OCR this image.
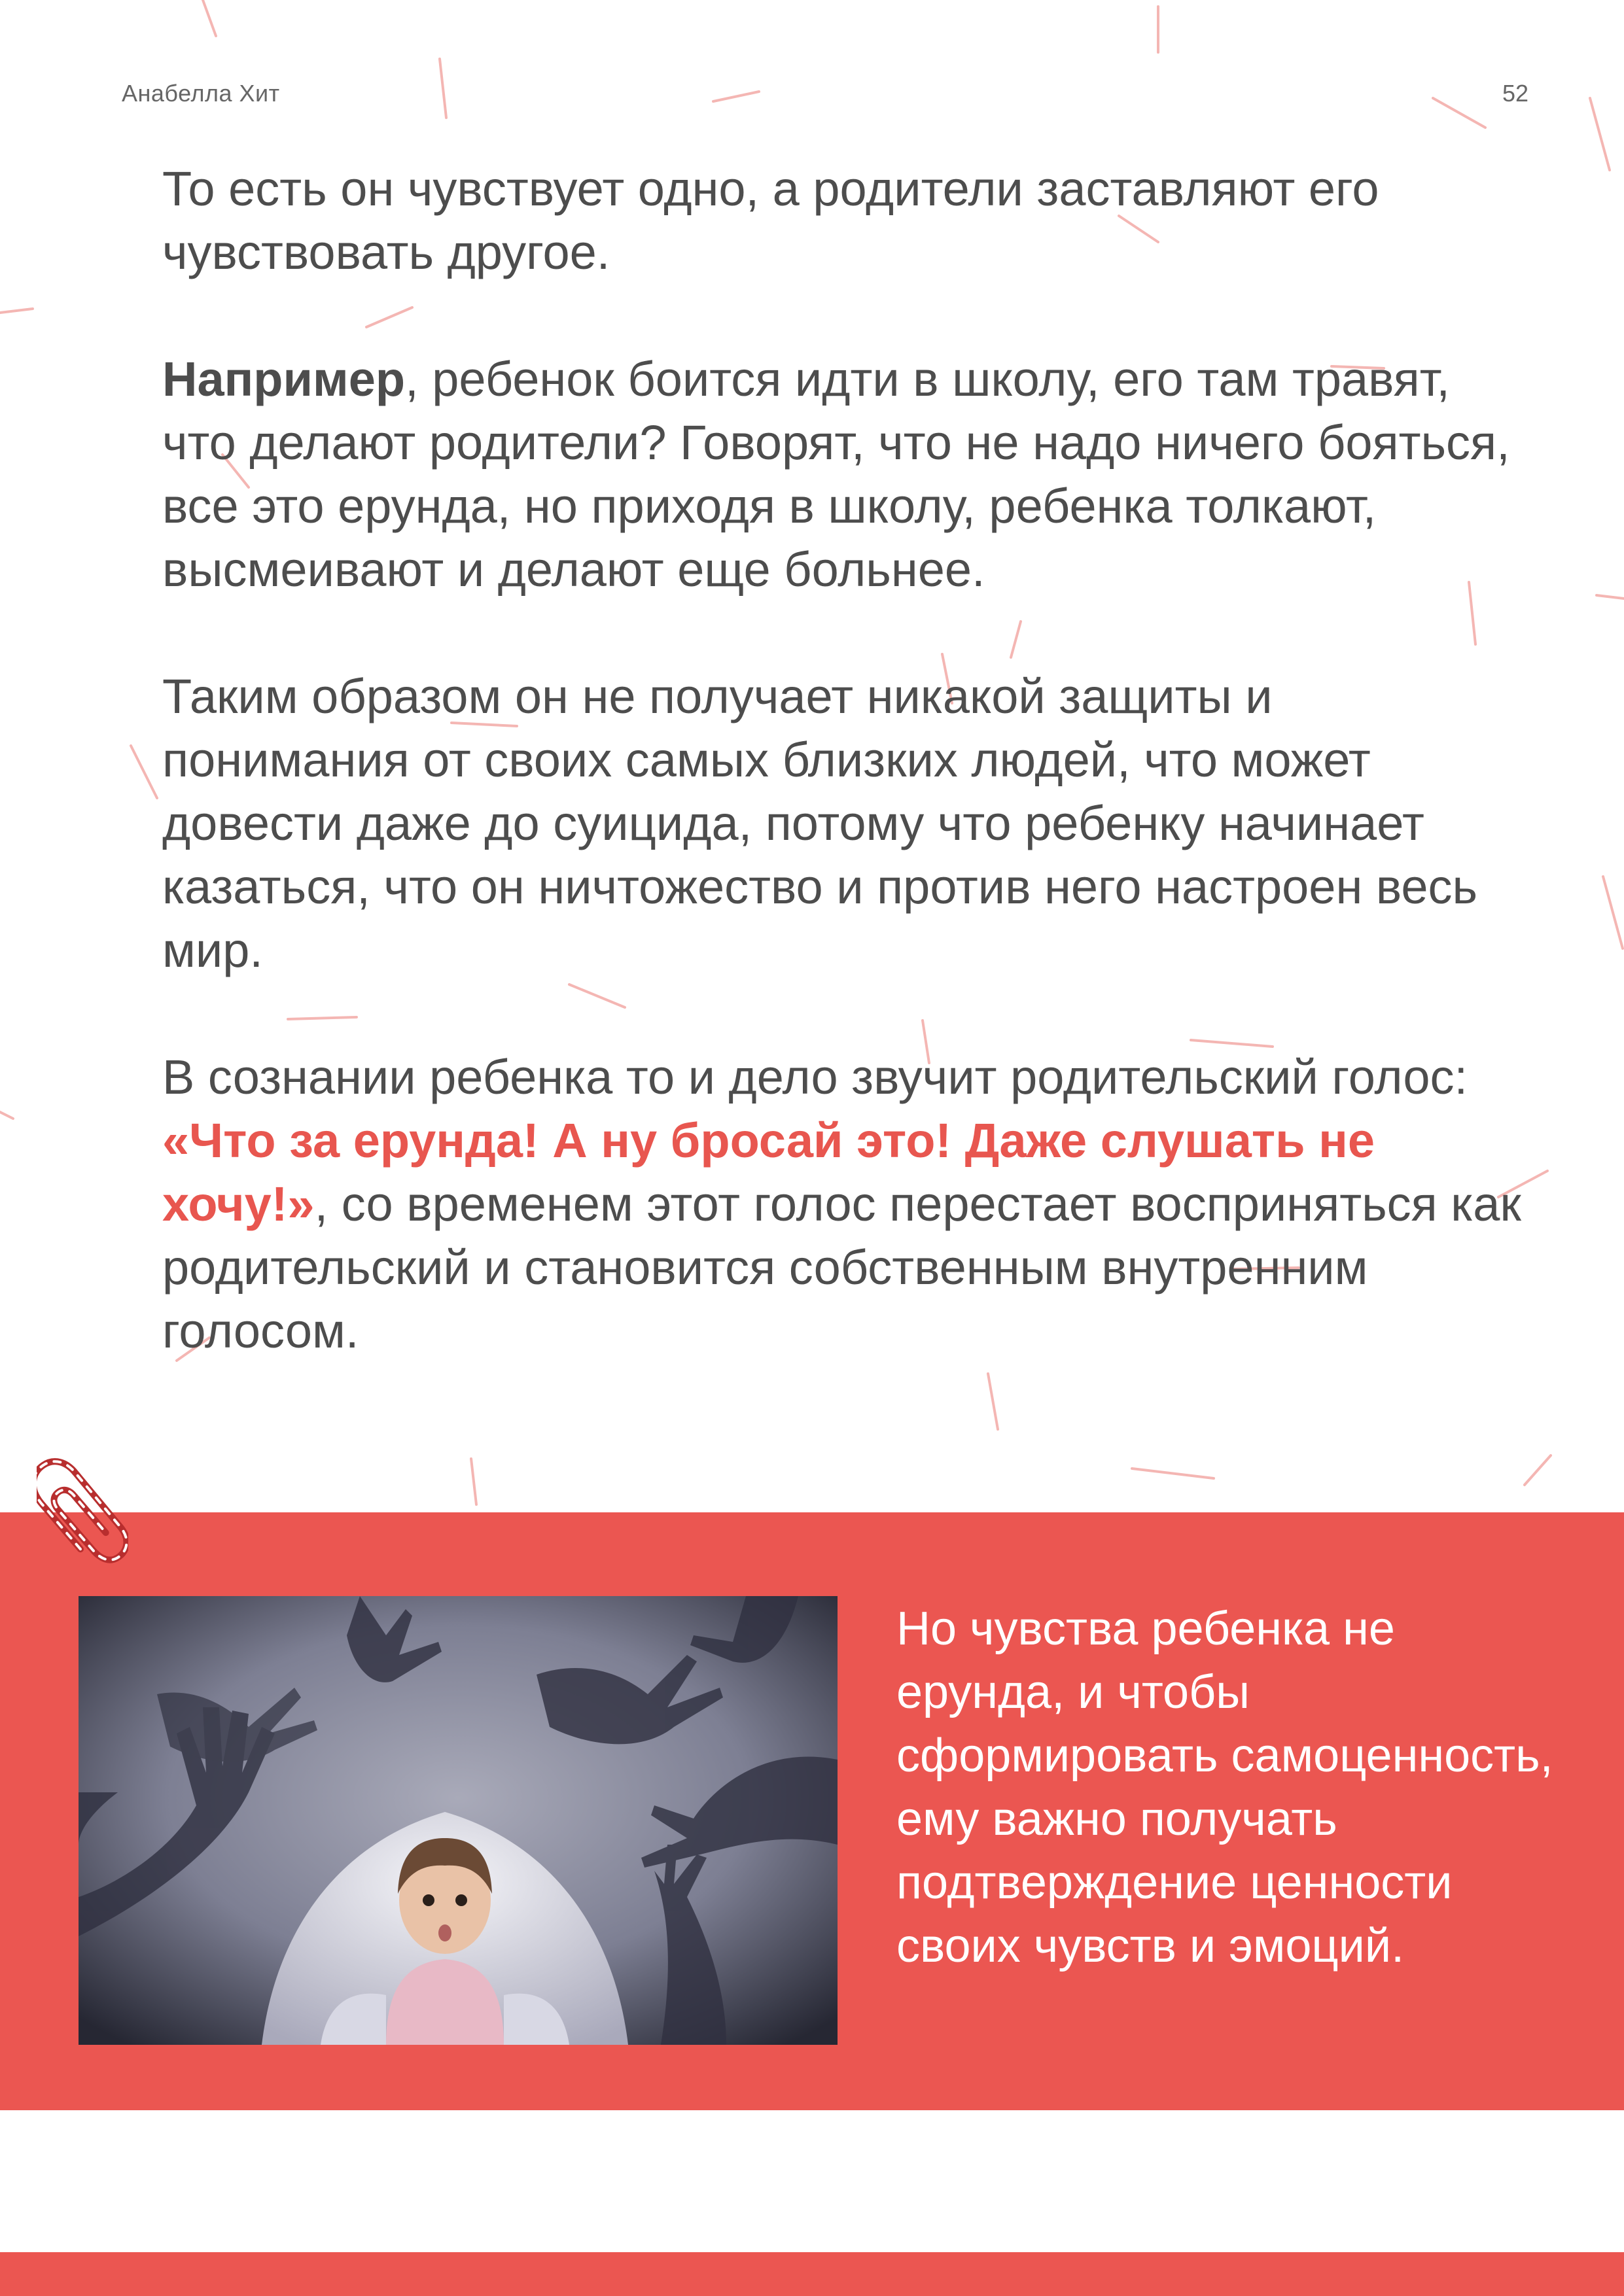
Анабелла Хит	52

То есть он чувствует одно, а родители заставляют его чувствовать другое.

Например, ребенок боится идти в школу, его там травят, что делают родители? Говорят, что не надо ничего бояться, все это ерунда, но приходя в школу, ребенка толкают, высмеивают и делают еще больнее.

Таким образом он не получает никакой защиты и понимания от своих самых близких людей, что может довести даже до суицида, потому что ребенку начинает казаться, что он ничтожество и против него настроен весь мир.

В сознании ребенка то и дело звучит родительский голос: «Что за ерунда! А ну бросай это! Даже слушать не хочу!», со временем этот голос перестает восприняться как родительский и становится собственным внутренним голосом.

Но чувства ребенка не ерунда, и чтобы сформировать самоценность, ему важно получать подтверждение ценности своих чувств и эмоций.
